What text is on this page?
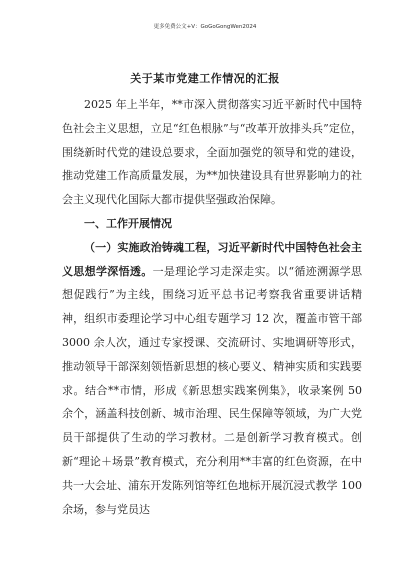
更多免费公文+V：GoGoGongWen2024
关于某市党建工作情况的汇报

2025 年上半年，**市深入贯彻落实习近平新时代中国特色社会主义思想，立足“红色根脉”与“改革开放排头兵”定位，围绕新时代党的建设总要求，全面加强党的领导和党的建设，推动党建工作高质量发展，为**加快建设具有世界影响力的社会主义现代化国际大都市提供坚强政治保障。

一、工作开展情况

（一）实施政治铸魂工程，习近平新时代中国特色社会主义思想学深悟透。一是理论学习走深走实。以“循迹溯源学思想促践行”为主线，围绕习近平总书记考察我省重要讲话精神，组织市委理论学习中心组专题学习 12 次，覆盖市管干部 3000 余人次，通过专家授课、交流研讨、实地调研等形式，推动领导干部深刻领悟新思想的核心要义、精神实质和实践要求。结合**市情，形成《新思想实践案例集》，收录案例 50 余个，涵盖科技创新、城市治理、民生保障等领域，为广大党员干部提供了生动的学习教材。二是创新学习教育模式。创新“理论＋场景”教育模式，充分利用**丰富的红色资源，在中共一大会址、浦东开发陈列馆等红色地标开展沉浸式教学 100 余场，参与党员达
